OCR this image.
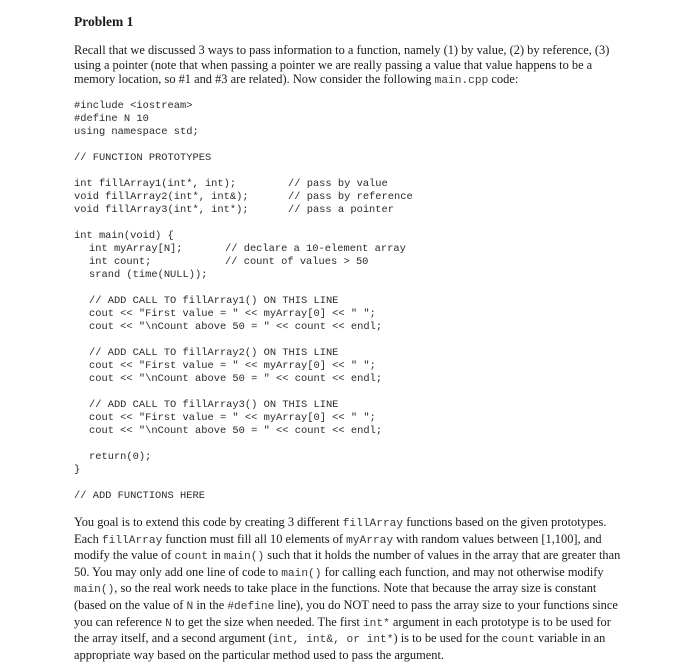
Problem 1

Recall that we discussed 3 ways to pass information to a function, namely (1) by value, (2) by reference, (3) using a pointer (note that when passing a pointer we are really passing a value that value happens to be a memory location, so #1 and #3 are related). Now consider the following main.cpp code:

#include <iostream>
#define N 10
using namespace std;
// FUNCTION PROTOTYPES
int fillArray1(int*, int);
void fillArray2(int*, int&);
void fillArray3(int*, int*);
// pass by value
// pass by reference
// pass a pointer
int main(void) {
int myArray[N];
int count;
// declare a 10-element array
// count of values > 50
srand (time(NULL));
// ADD CALL TO fillArray1() ON THIS LINE
cout << "First value = " << myArray[0] << " ";
cout << "\nCount above 50 = " << count << endl;
// ADD CALL TO fillArray2() ON THIS LINE
cout << "First value = " << myArray[0] << " ";
cout << "\nCount above 50 = " << count << endl;
// ADD CALL TO fillArray3() ON THIS LINE
cout << "First value = " << myArray[0] << " ";
cout << "\nCount above 50 = " << count << endl;
return(0);
}
// ADD FUNCTIONS HERE

You goal is to extend this code by creating 3 different fillArray functions based on the given prototypes. Each fillArray function must fill all 10 elements of myArray with random values between [1,100], and modify the value of count in main() such that it holds the number of values in the array that are greater than 50. You may only add one line of code to main() for calling each function, and may not otherwise modify main(), so the real work needs to take place in the functions. Note that because the array size is constant (based on the value of N in the #define line), you do NOT need to pass the array size to your functions since you can reference N to get the size when needed. The first int* argument in each prototype is to be used for the array itself, and a second argument (int, int&, or int*) is to be used for the count variable in an appropriate way based on the particular method used to pass the argument.
